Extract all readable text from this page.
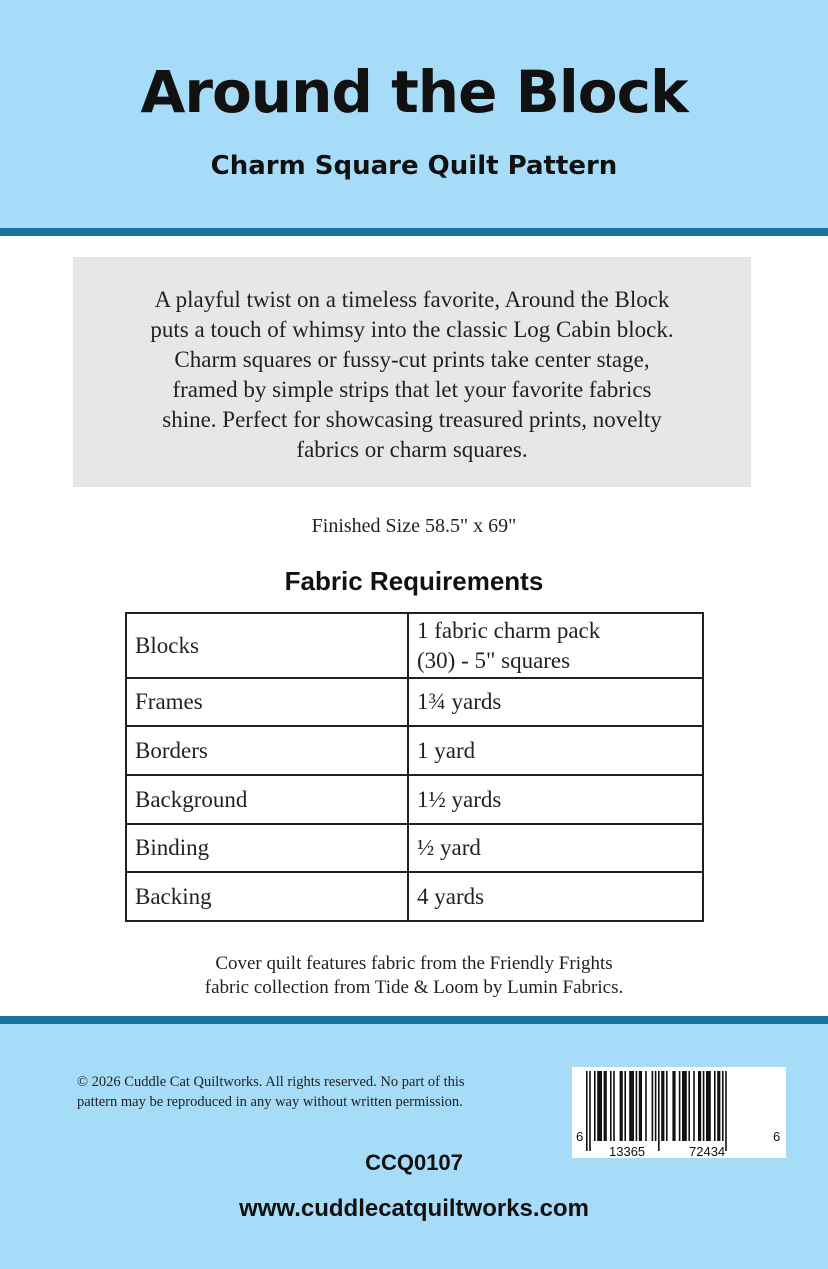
Around the Block
Charm Square Quilt Pattern
A playful twist on a timeless favorite, Around the Block
puts a touch of whimsy into the classic Log Cabin block.
Charm squares or fussy-cut prints take center stage,
framed by simple strips that let your favorite fabrics
shine. Perfect for showcasing treasured prints, novelty
fabrics or charm squares.
Finished Size 58.5" x 69"
Fabric Requirements
Blocks	1 fabric charm pack
(30) - 5" squares

Frames	1¾ yards
Borders	1 yard
Background	1½ yards
Binding	½ yard
Backing	4 yards
Cover quilt features fabric from the Friendly Frights
fabric collection from Tide & Loom by Lumin Fabrics.
© 2026 Cuddle Cat Quiltworks. All rights reserved. No part of this
pattern may be reproduced in any way without written permission.
6
13365	72434
6
CCQ0107
www.cuddlecatquiltworks.com
